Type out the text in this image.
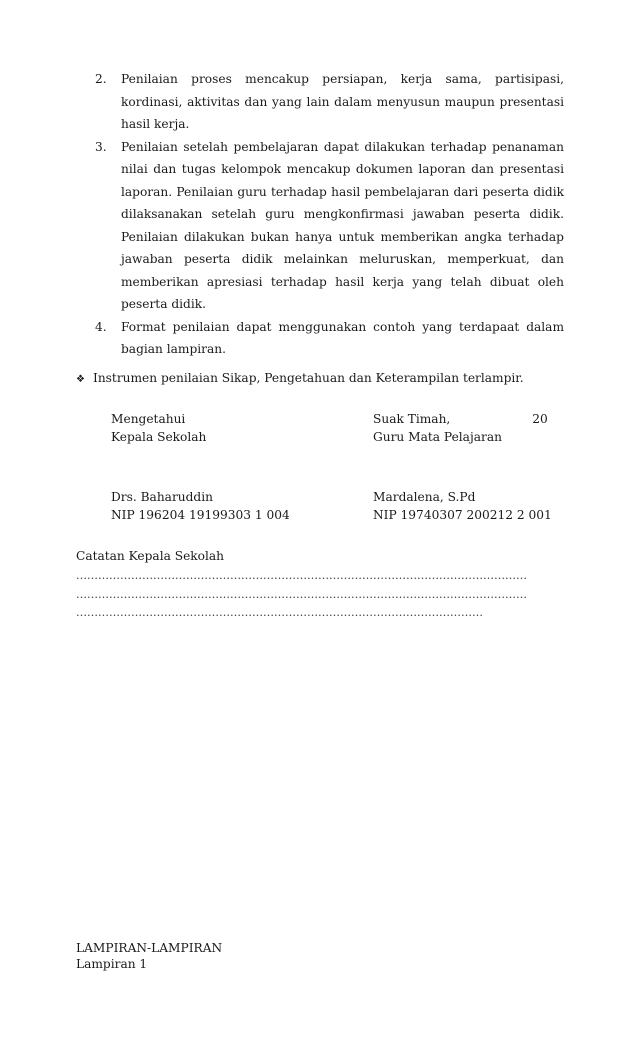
2. Penilaian proses mencakup persiapan, kerja sama, partisipasi, kordinasi, aktivitas dan yang lain dalam menyusun maupun presentasi hasil kerja.
3. Penilaian setelah pembelajaran dapat dilakukan terhadap penanaman nilai dan tugas kelompok mencakup dokumen laporan dan presentasi laporan. Penilaian guru terhadap hasil pembelajaran dari peserta didik dilaksanakan setelah guru mengkonfirmasi jawaban peserta didik. Penilaian dilakukan bukan hanya untuk memberikan angka terhadap jawaban peserta didik melainkan meluruskan, memperkuat, dan memberikan apresiasi terhadap hasil kerja yang telah dibuat oleh peserta didik.
4. Format penilaian dapat menggunakan contoh yang terdapaat dalam bagian lampiran.
❖ Instrumen penilaian Sikap, Pengetahuan dan Keterampilan terlampir.
Mengetahui
Kepala Sekolah
Suak Timah,	20
Guru Mata Pelajaran
Drs. Baharuddin
NIP 196204 19199303 1 004
Mardalena, S.Pd
NIP 19740307 200212 2 001
Catatan Kepala Sekolah
……………………………………………………………………………………………………………
……………………………………………………………………………………………………………
…………………………………………………………………………………………………
LAMPIRAN-LAMPIRAN
Lampiran 1
